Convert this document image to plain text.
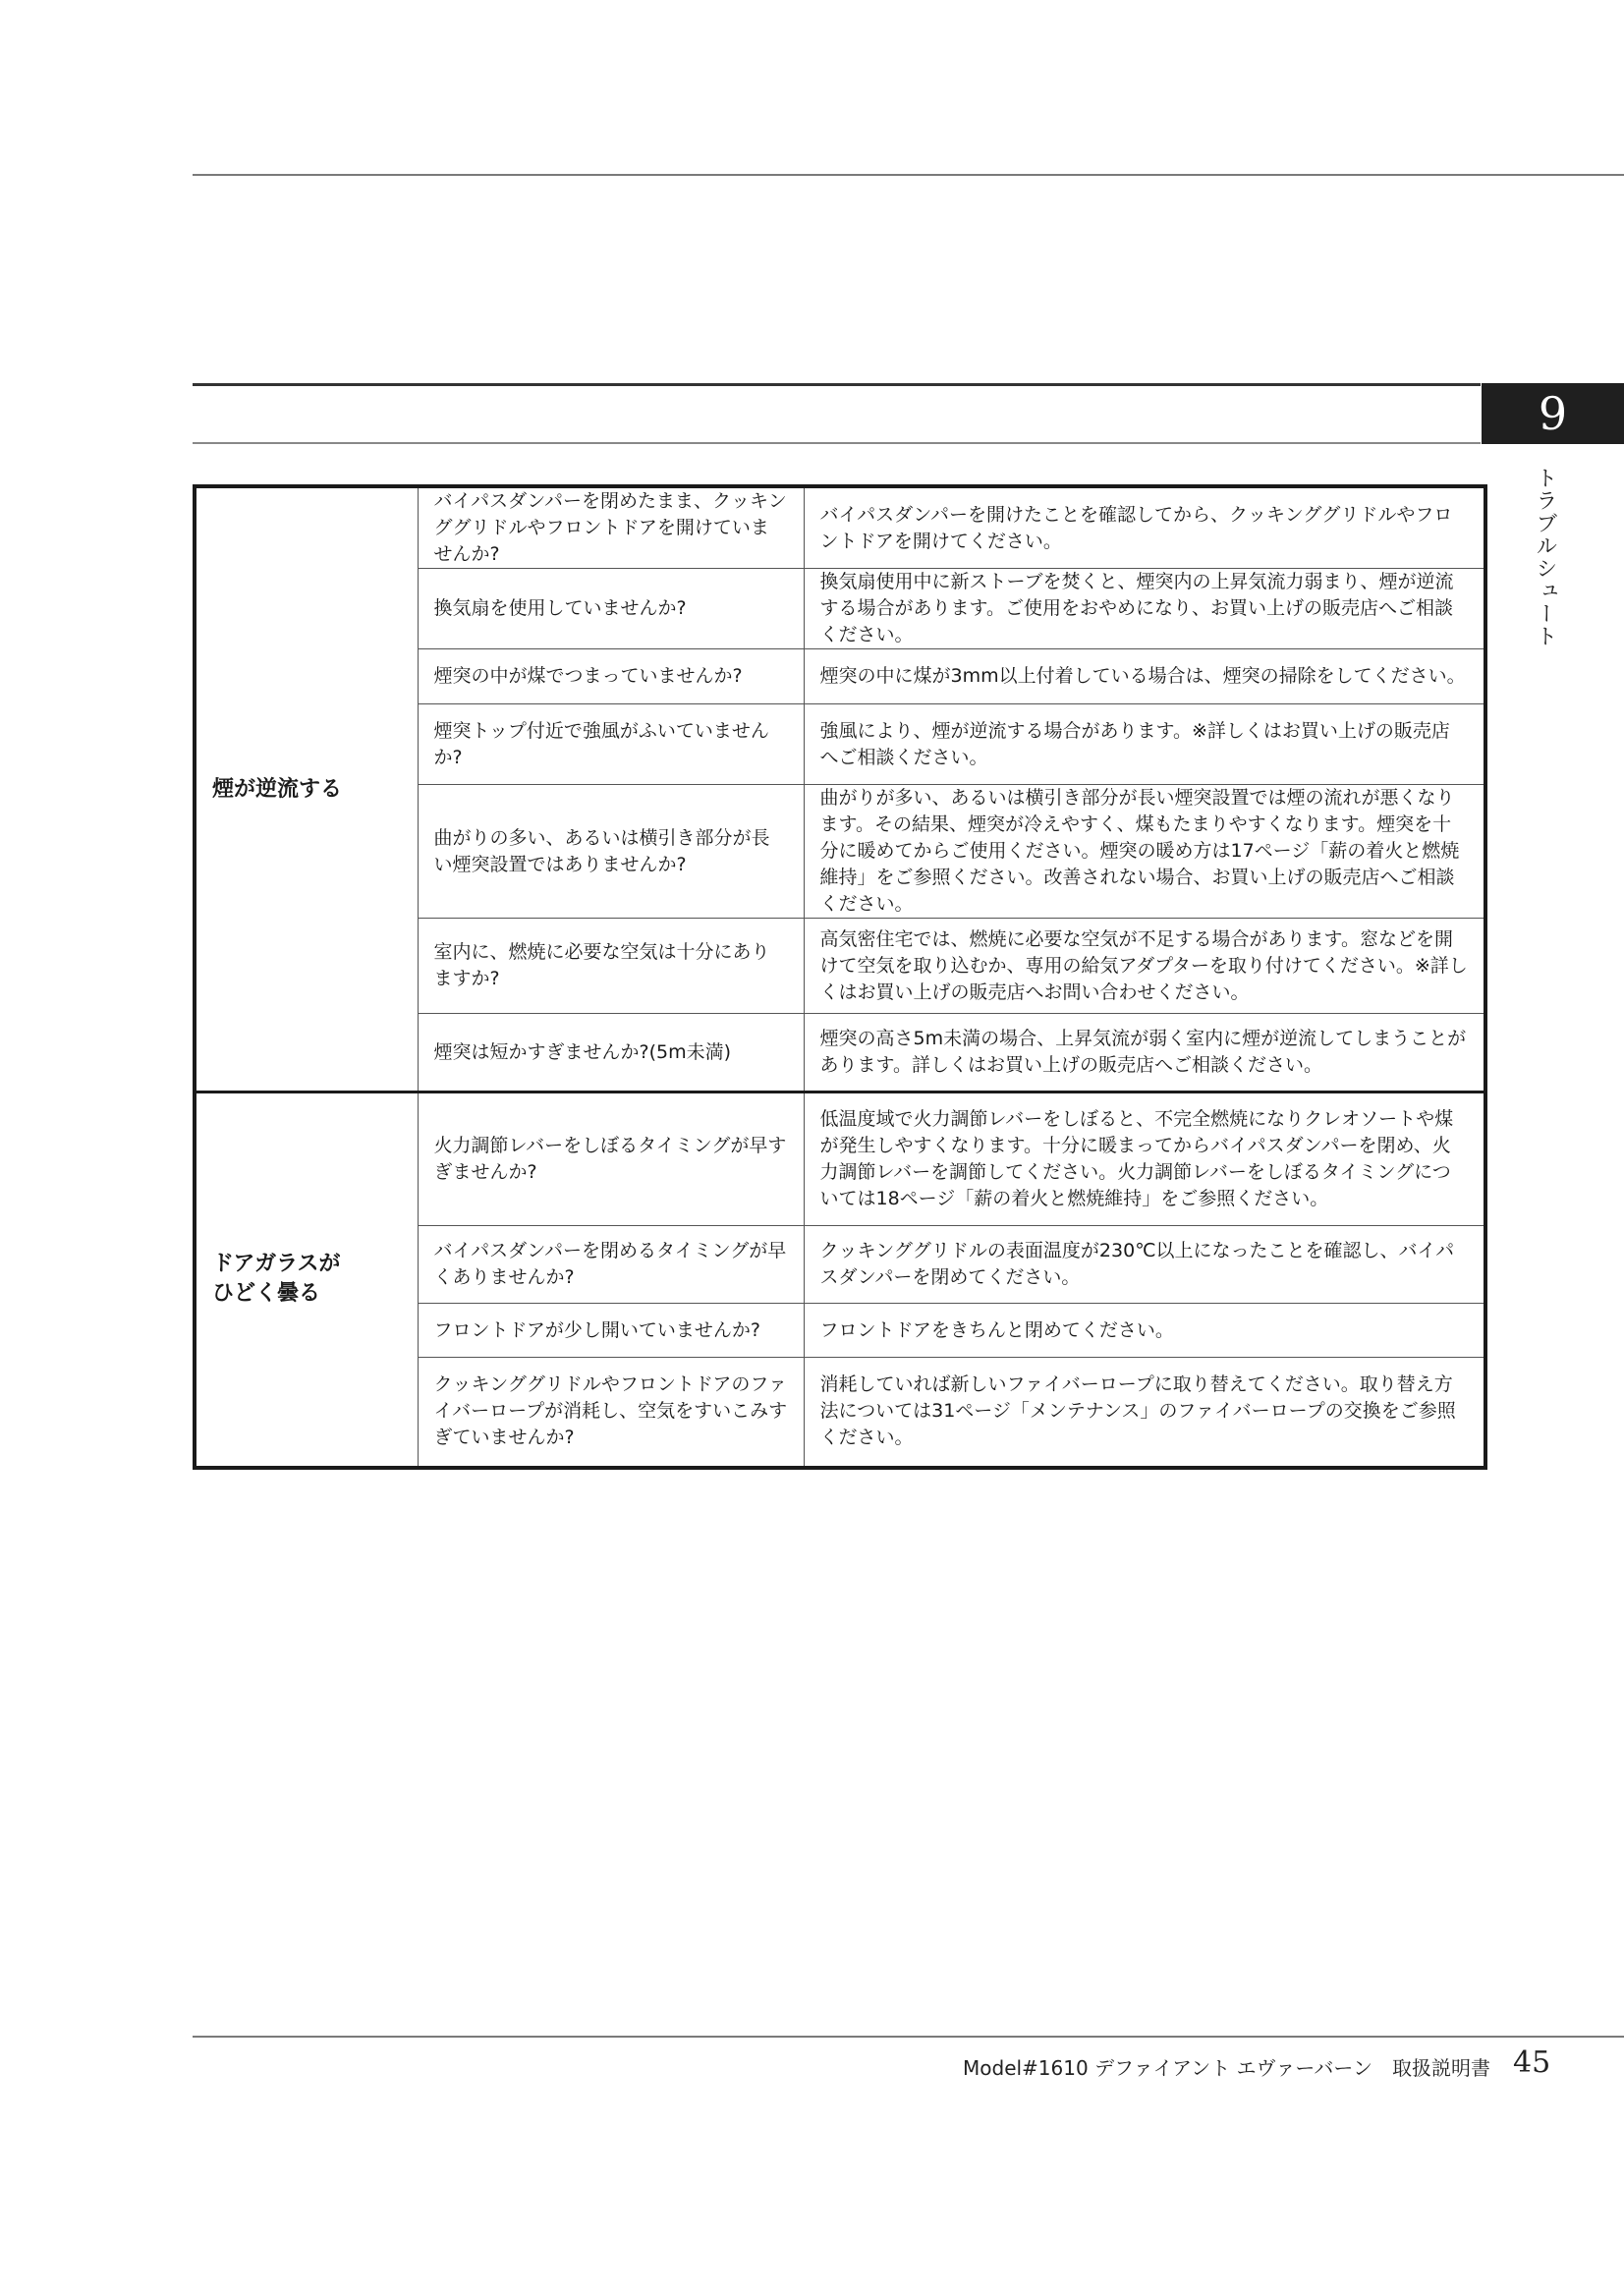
9
トラブルシュート
煙が逆流する	バイパスダンパーを閉めたまま、クッキンググリドルやフロントドアを開けていませんか?	バイパスダンパーを開けたことを確認してから、クッキンググリドルやフロントドアを開けてください。
	換気扇を使用していませんか?	換気扇使用中に新ストーブを焚くと、煙突内の上昇気流力弱まり、煙が逆流する場合があります。ご使用をおやめになり、お買い上げの販売店へご相談ください。
	煙突の中が煤でつまっていませんか?	煙突の中に煤が3mm以上付着している場合は、煙突の掃除をしてください。
	煙突トップ付近で強風がふいていませんか?	強風により、煙が逆流する場合があります。※詳しくはお買い上げの販売店へご相談ください。
	曲がりの多い、あるいは横引き部分が長い煙突設置ではありませんか?	曲がりが多い、あるいは横引き部分が長い煙突設置では煙の流れが悪くなります。その結果、煙突が冷えやすく、煤もたまりやすくなります。煙突を十分に暖めてからご使用ください。煙突の暖め方は17ページ「薪の着火と燃焼維持」をご参照ください。改善されない場合、お買い上げの販売店へご相談ください。
	室内に、燃焼に必要な空気は十分にありますか?	高気密住宅では、燃焼に必要な空気が不足する場合があります。窓などを開けて空気を取り込むか、専用の給気アダプターを取り付けてください。※詳しくはお買い上げの販売店へお問い合わせください。
	煙突は短かすぎませんか?(5m未満)	煙突の高さ5m未満の場合、上昇気流が弱く室内に煙が逆流してしまうことがあります。詳しくはお買い上げの販売店へご相談ください。
ドアガラスが
ひどく曇る	火力調節レバーをしぼるタイミングが早すぎませんか?	低温度域で火力調節レバーをしぼると、不完全燃焼になりクレオソートや煤が発生しやすくなります。十分に暖まってからバイパスダンパーを閉め、火力調節レバーを調節してください。火力調節レバーをしぼるタイミングについては18ページ「薪の着火と燃焼維持」をご参照ください。
	バイパスダンパーを閉めるタイミングが早くありませんか?	クッキンググリドルの表面温度が230℃以上になったことを確認し、バイパスダンパーを閉めてください。
	フロントドアが少し開いていませんか?	フロントドアをきちんと閉めてください。
	クッキンググリドルやフロントドアのファイバーロープが消耗し、空気をすいこみすぎていませんか?	消耗していれば新しいファイバーロープに取り替えてください。取り替え方法については31ページ「メンテナンス」のファイバーロープの交換をご参照ください。
Model#1610 デファイアント エヴァーバーン　取扱説明書 45
